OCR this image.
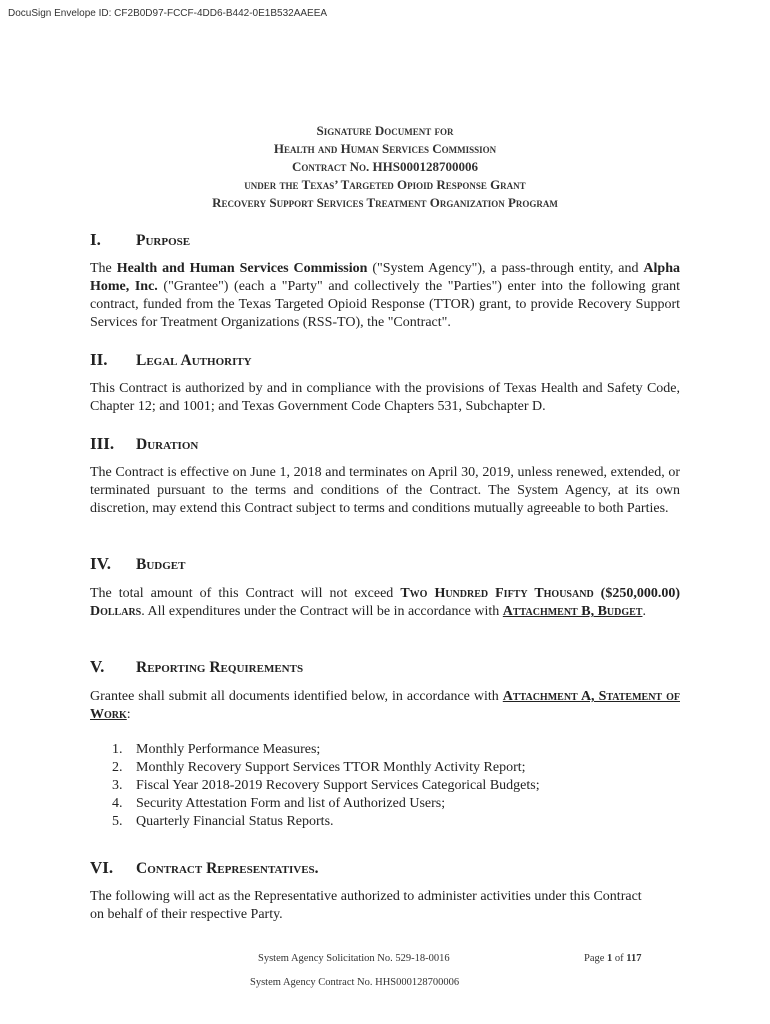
DocuSign Envelope ID: CF2B0D97-FCCF-4DD6-B442-0E1B532AAEEA
Signature Document for
Health and Human Services Commission
Contract No. HHS000128700006
under the Texas’ Targeted Opioid Response Grant
Recovery Support Services Treatment Organization Program
I. Purpose
The Health and Human Services Commission ("System Agency"), a pass-through entity, and Alpha Home, Inc. ("Grantee") (each a "Party" and collectively the "Parties") enter into the following grant contract, funded from the Texas Targeted Opioid Response (TTOR) grant, to provide Recovery Support Services for Treatment Organizations (RSS-TO), the "Contract".
II. Legal Authority
This Contract is authorized by and in compliance with the provisions of Texas Health and Safety Code, Chapter 12; and 1001; and Texas Government Code Chapters 531, Subchapter D.
III. Duration
The Contract is effective on June 1, 2018 and terminates on April 30, 2019, unless renewed, extended, or terminated pursuant to the terms and conditions of the Contract. The System Agency, at its own discretion, may extend this Contract subject to terms and conditions mutually agreeable to both Parties.
IV. Budget
The total amount of this Contract will not exceed Two Hundred Fifty Thousand ($250,000.00) Dollars. All expenditures under the Contract will be in accordance with Attachment B, Budget.
V. Reporting Requirements
Grantee shall submit all documents identified below, in accordance with Attachment A, Statement of Work:
1. Monthly Performance Measures;
2. Monthly Recovery Support Services TTOR Monthly Activity Report;
3. Fiscal Year 2018-2019 Recovery Support Services Categorical Budgets;
4. Security Attestation Form and list of Authorized Users;
5. Quarterly Financial Status Reports.
VI. Contract Representatives.
The following will act as the Representative authorized to administer activities under this Contract on behalf of their respective Party.
System Agency Solicitation No. 529-18-0016	Page 1 of 117
System Agency Contract No. HHS000128700006
